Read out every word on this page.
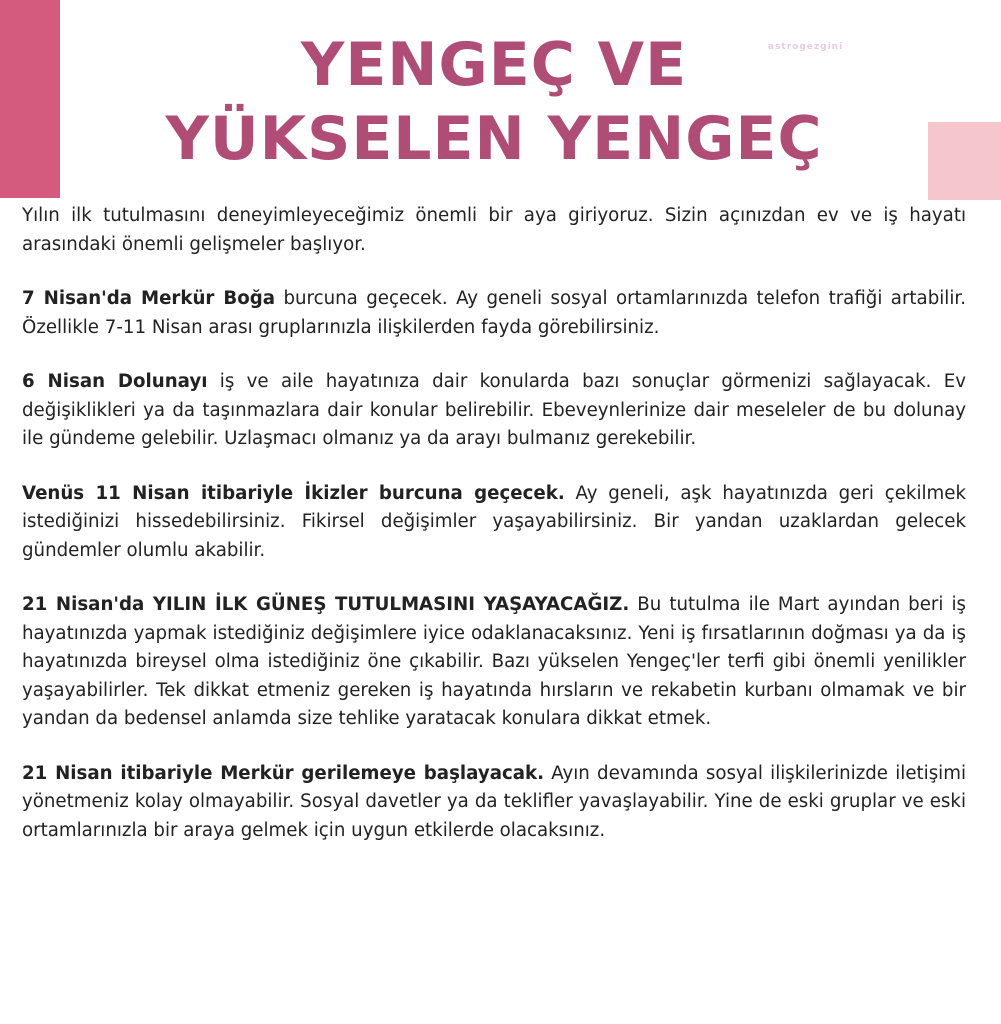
astrogezgini
YENGEÇ VE
YÜKSELEN YENGEÇ

Yılın ilk tutulmasını deneyimleyeceğimiz önemli bir aya giriyoruz. Sizin açınızdan ev ve iş hayatı arasındaki önemli gelişmeler başlıyor.

7 Nisan'da Merkür Boğa burcuna geçecek. Ay geneli sosyal ortamlarınızda telefon trafiği artabilir. Özellikle 7-11 Nisan arası gruplarınızla ilişkilerden fayda görebilirsiniz.

6 Nisan Dolunayı iş ve aile hayatınıza dair konularda bazı sonuçlar görmenizi sağlayacak. Ev değişiklikleri ya da taşınmazlara dair konular belirebilir. Ebeveynlerinize dair meseleler de bu dolunay ile gündeme gelebilir. Uzlaşmacı olmanız ya da arayı bulmanız gerekebilir.

Venüs 11 Nisan itibariyle İkizler burcuna geçecek. Ay geneli, aşk hayatınızda geri çekilmek istediğinizi hissedebilirsiniz. Fikirsel değişimler yaşayabilirsiniz. Bir yandan uzaklardan gelecek gündemler olumlu akabilir.

21 Nisan'da YILIN İLK GÜNEŞ TUTULMASINI YAŞAYACAĞIZ. Bu tutulma ile Mart ayından beri iş hayatınızda yapmak istediğiniz değişimlere iyice odaklanacaksınız. Yeni iş fırsatlarının doğması ya da iş hayatınızda bireysel olma istediğiniz öne çıkabilir. Bazı yükselen Yengeç'ler terfi gibi önemli yenilikler yaşayabilirler. Tek dikkat etmeniz gereken iş hayatında hırsların ve rekabetin kurbanı olmamak ve bir yandan da bedensel anlamda size tehlike yaratacak konulara dikkat etmek.

21 Nisan itibariyle Merkür gerilemeye başlayacak. Ayın devamında sosyal ilişkilerinizde iletişimi yönetmeniz kolay olmayabilir. Sosyal davetler ya da teklifler yavaşlayabilir. Yine de eski gruplar ve eski ortamlarınızla bir araya gelmek için uygun etkilerde olacaksınız.
